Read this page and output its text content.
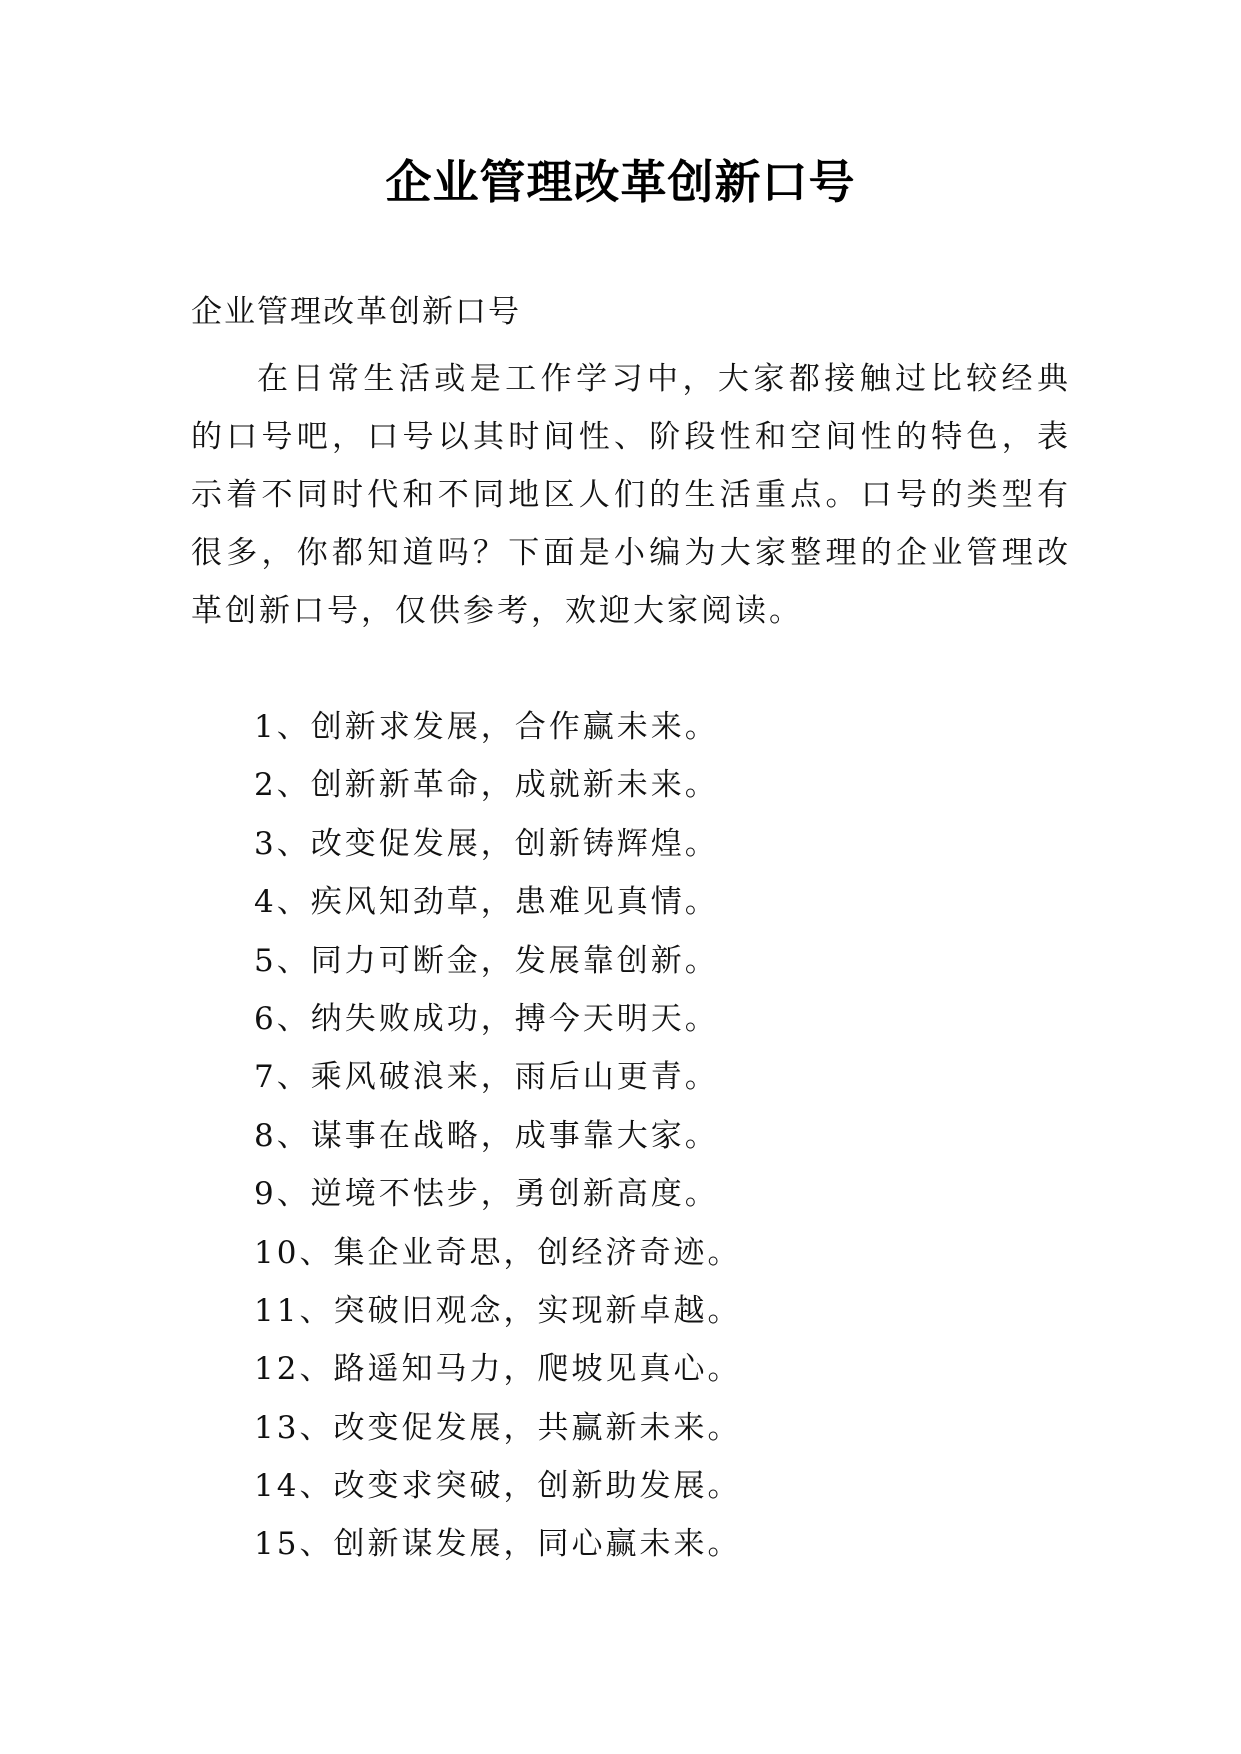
企业管理改革创新口号
企业管理改革创新口号

在日常生活或是工作学习中，大家都接触过比较经典的口号吧，口号以其时间性、阶段性和空间性的特色，表示着不同时代和不同地区人们的生活重点。口号的类型有很多，你都知道吗？下面是小编为大家整理的企业管理改革创新口号，仅供参考，欢迎大家阅读。

1、创新求发展，合作赢未来。
2、创新新革命，成就新未来。
3、改变促发展，创新铸辉煌。
4、疾风知劲草，患难见真情。
5、同力可断金，发展靠创新。
6、纳失败成功，搏今天明天。
7、乘风破浪来，雨后山更青。
8、谋事在战略，成事靠大家。
9、逆境不怯步，勇创新高度。
10、集企业奇思，创经济奇迹。
11、突破旧观念，实现新卓越。
12、路遥知马力，爬坡见真心。
13、改变促发展，共赢新未来。
14、改变求突破，创新助发展。
15、创新谋发展，同心赢未来。
